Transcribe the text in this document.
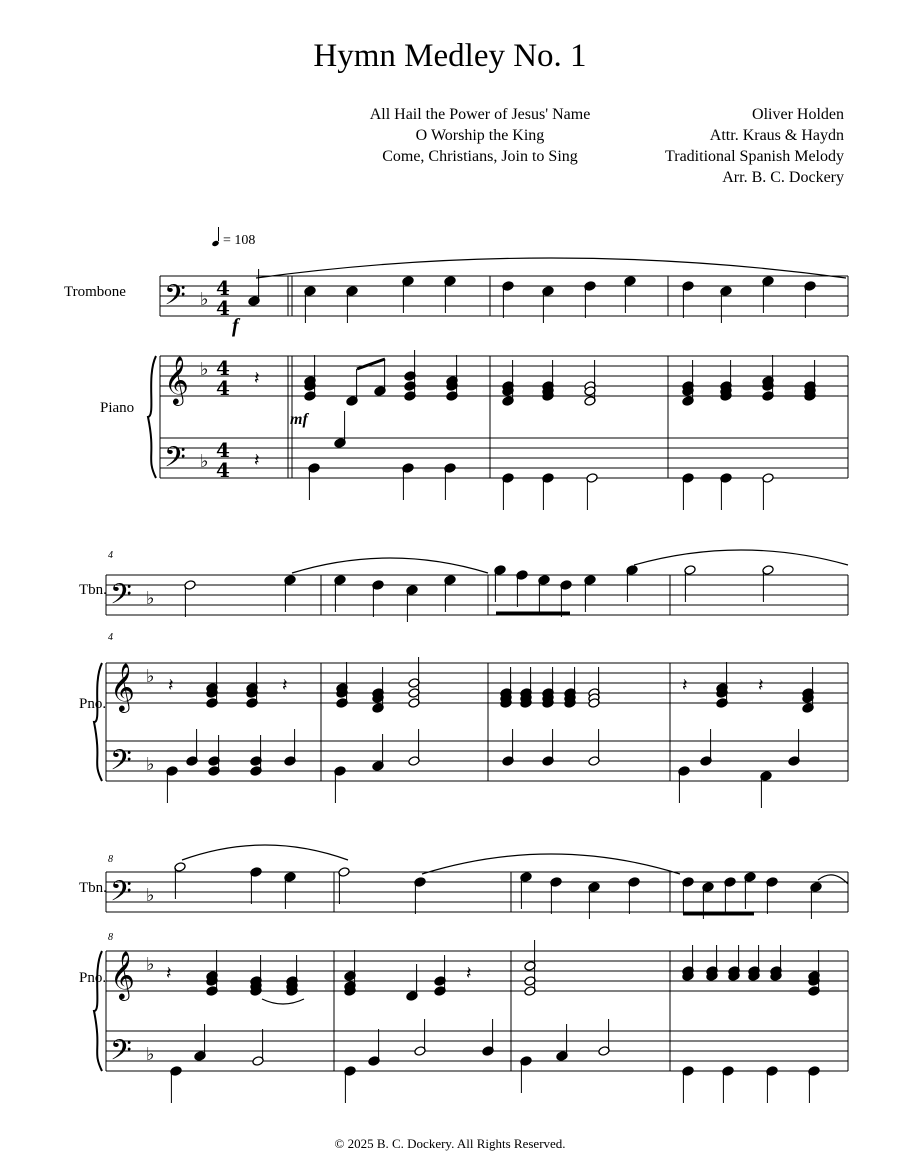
Hymn Medley No. 1
All Hail the Power of Jesus' Name
O Worship the King
Come, Christians, Join to Sing
Oliver Holden
Attr. Kraus & Haydn
Traditional Spanish Melody
Arr. B. C. Dockery
= 108
𝄢
𝄞
𝄢
♭
♭
♭
4
4
4
4
4
4
𝄢
𝄞
𝄢
♭
♭
♭
𝄢
𝄞
𝄢
♭
♭
♭
Trombone
Piano
Tbn.
Pno.
Tbn.
Pno.
4
4
8
8
f
mf
𝄽
𝄽
𝄽	𝄽	𝄽	𝄽
𝄽	𝄽
© 2025 B. C. Dockery. All Rights Reserved.
